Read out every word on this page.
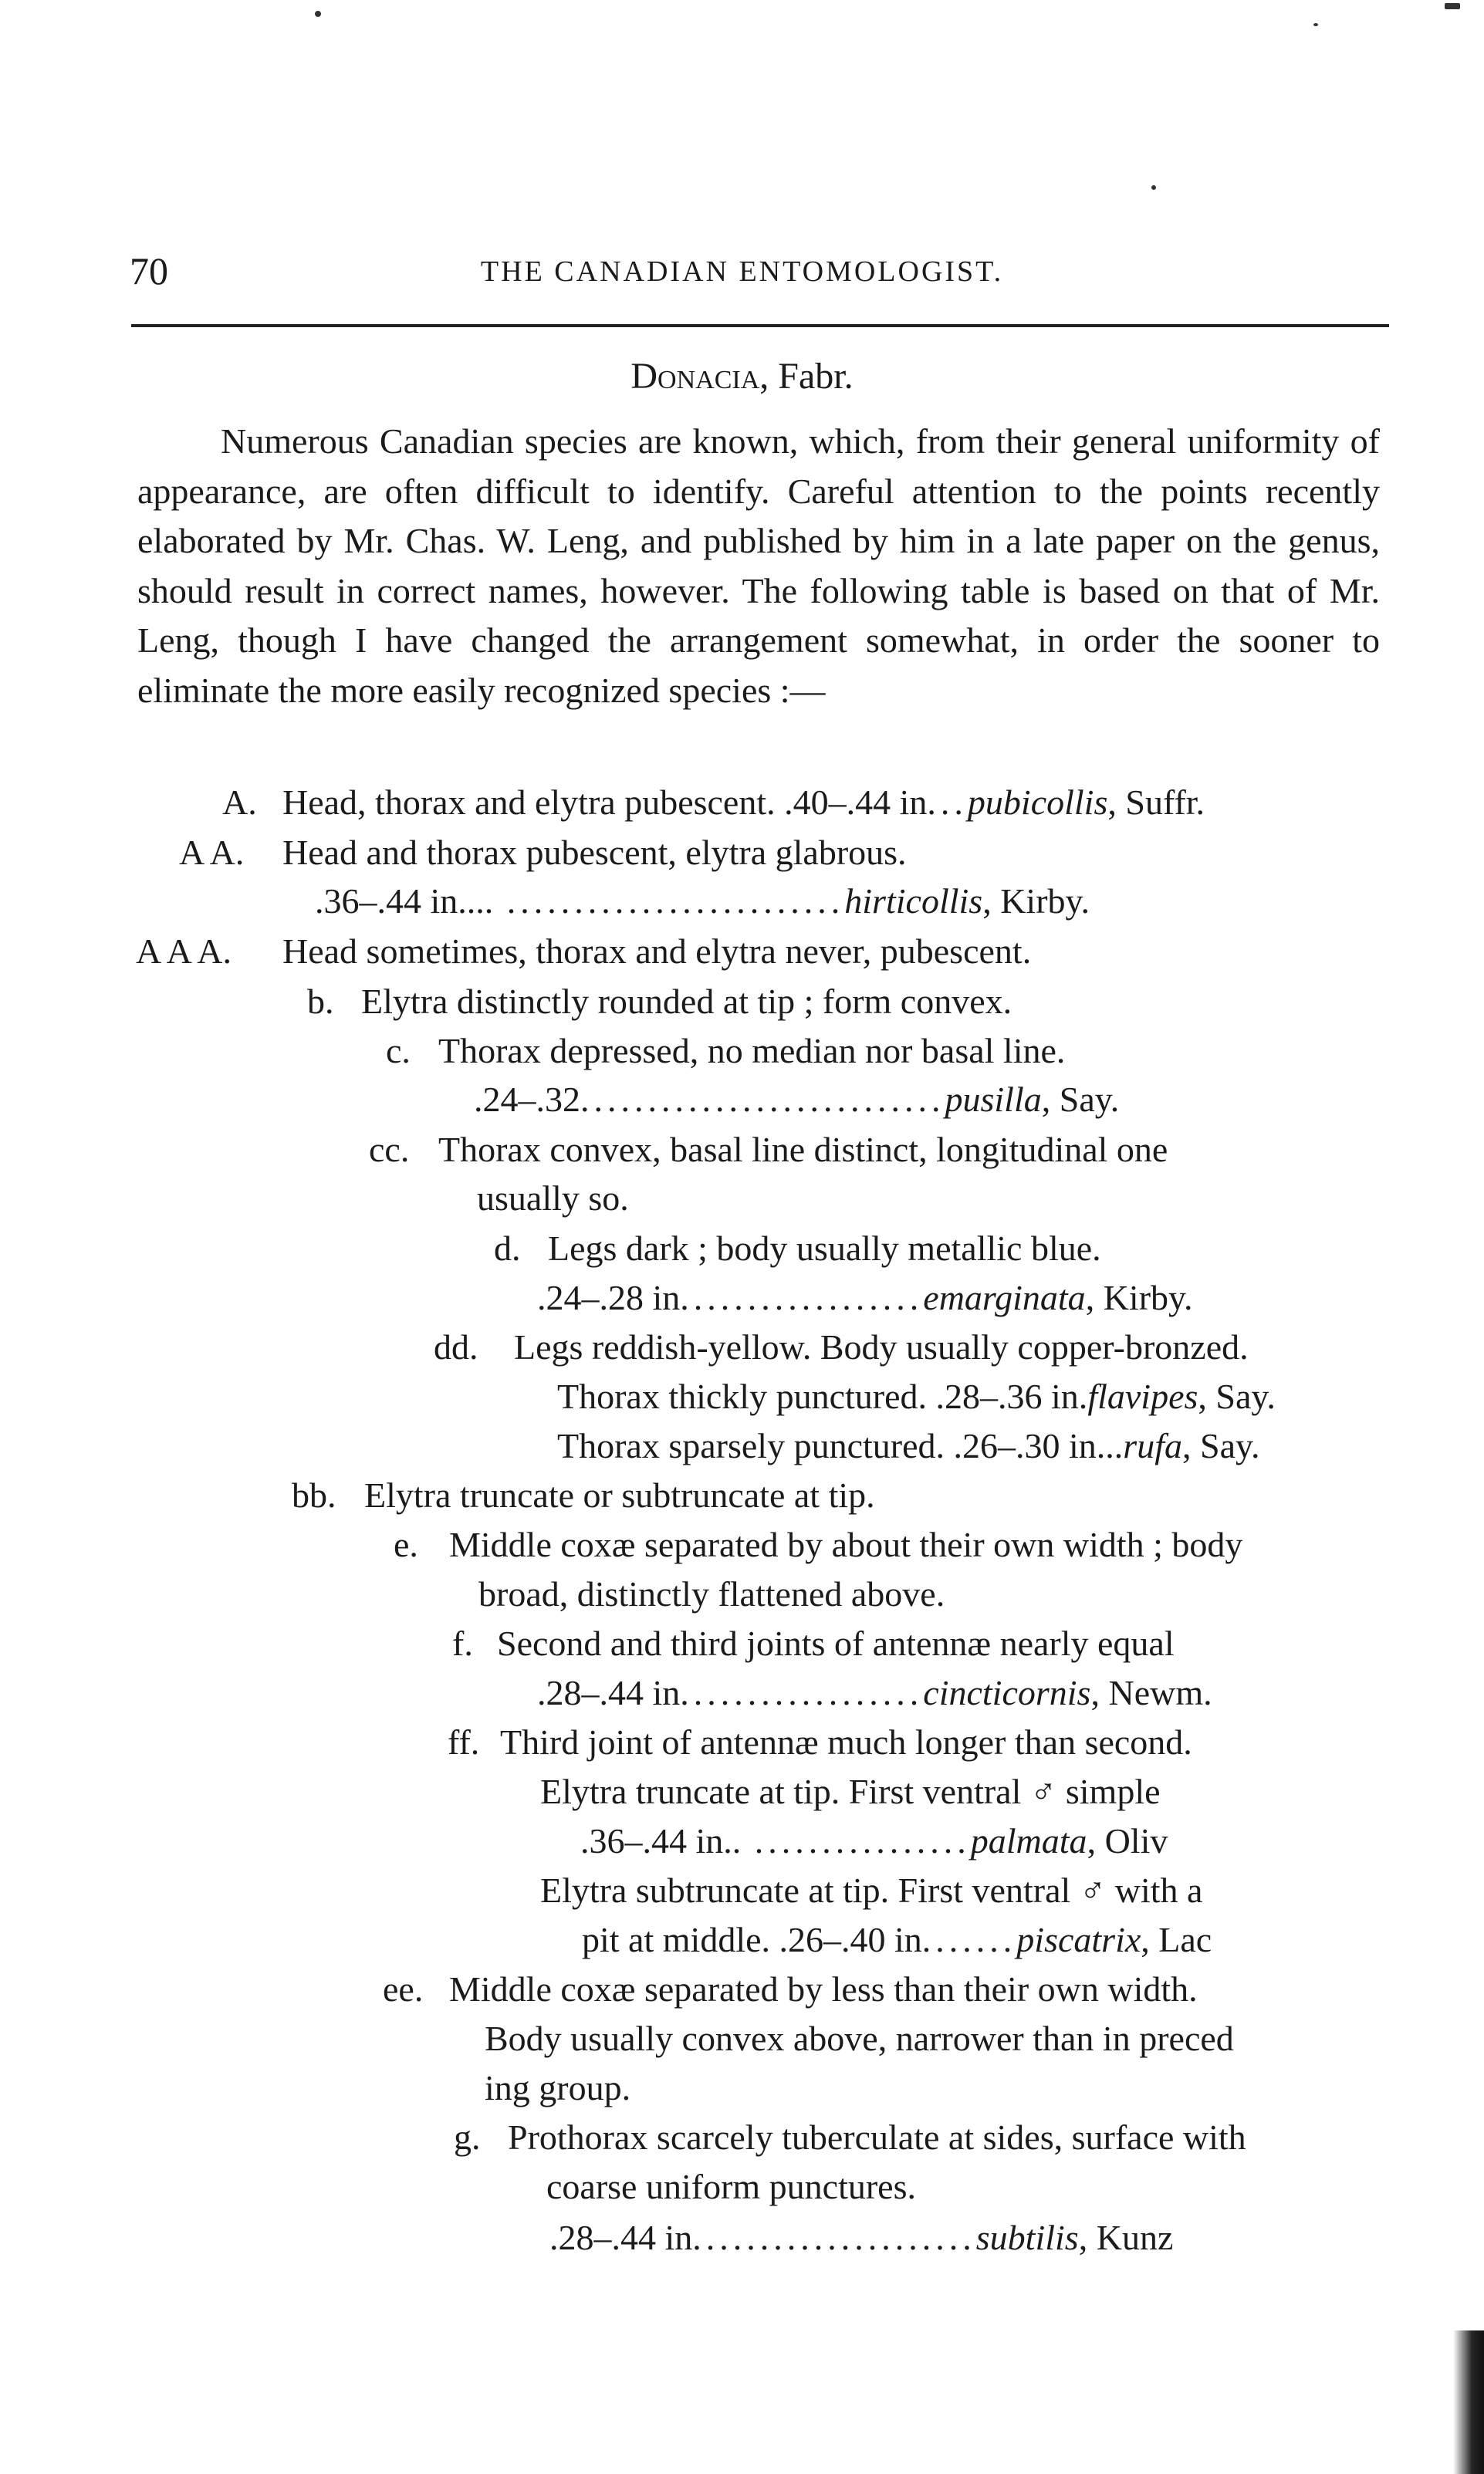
70	THE CANADIAN ENTOMOLOGIST.
Donacia, Fabr.

Numerous Canadian species are known, which, from their general uniformity of appearance, are often difficult to identify. Careful attention to the points recently elaborated by Mr. Chas. W. Leng, and published by him in a late paper on the genus, should result in correct names, however. The following table is based on that of Mr. Leng, though I have changed the arrangement somewhat, in order the sooner to eliminate the more easily recognized species :—

A. Head, thorax and elytra pubescent. .40–.44 in...pubicollis, Suffr.
A A. Head and thorax pubescent, elytra glabrous.
.36–.44 in.... .........................hirticollis, Kirby.
A A A. Head sometimes, thorax and elytra never, pubescent.
b. Elytra distinctly rounded at tip ; form convex.
c. Thorax depressed, no median nor basal line.
.24–.32...........................pusilla, Say.
cc. Thorax convex, basal line distinct, longitudinal one
usually so.
d. Legs dark ; body usually metallic blue.
.24–.28 in..................emarginata, Kirby.
dd. Legs reddish-yellow. Body usually copper-bronzed.
Thorax thickly punctured. .28–.36 in.flavipes, Say.
Thorax sparsely punctured. .26–.30 in...rufa, Say.
bb. Elytra truncate or subtruncate at tip.
e. Middle coxæ separated by about their own width ; body
broad, distinctly flattened above.
f. Second and third joints of antennæ nearly equal
.28–.44 in..................cincticornis, Newm.
ff. Third joint of antennæ much longer than second.
Elytra truncate at tip. First ventral ♂ simple
.36–.44 in.. ................palmata, Oliv
Elytra subtruncate at tip. First ventral ♂ with a
pit at middle. .26–.40 in.......piscatrix, Lac
ee. Middle coxæ separated by less than their own width.
Body usually convex above, narrower than in preced
ing group.
g. Prothorax scarcely tuberculate at sides, surface with
coarse uniform punctures.
.28–.44 in.....................subtilis, Kunz
